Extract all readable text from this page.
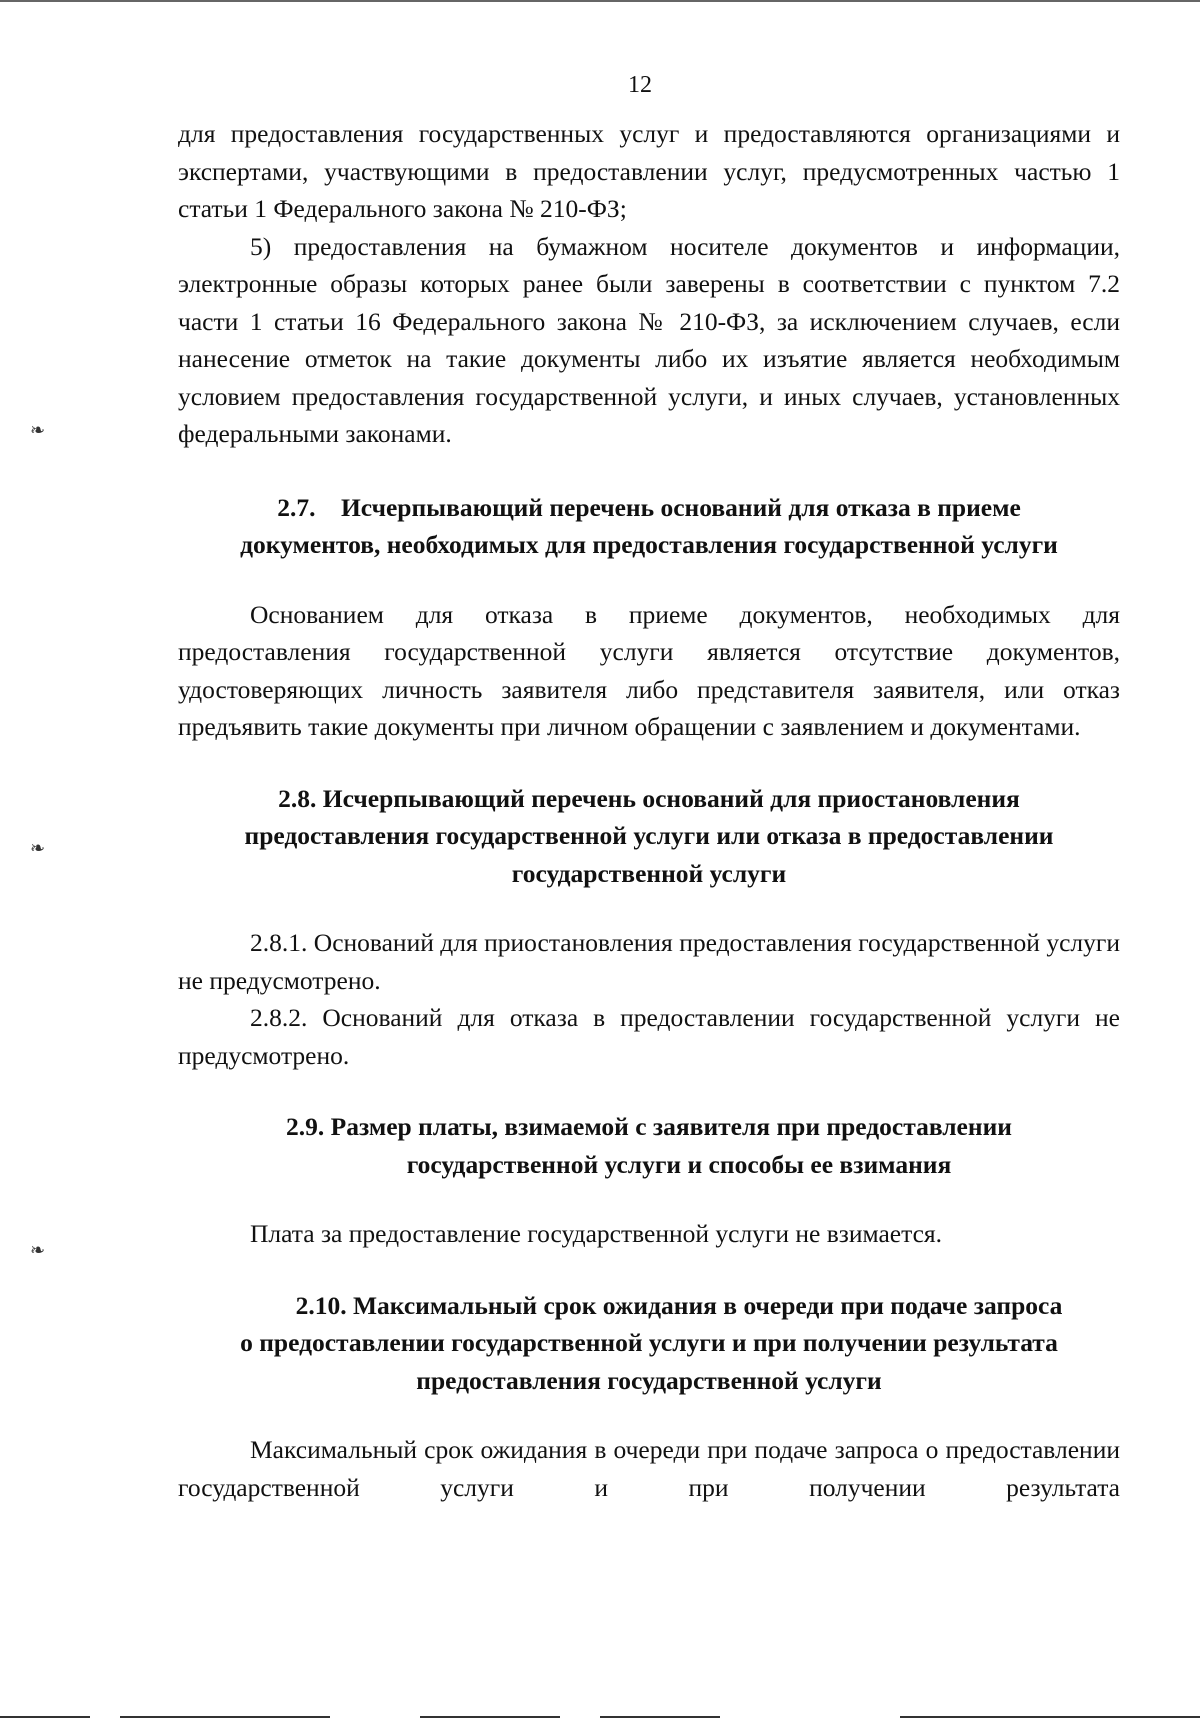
❧
❧
❧
12

для предоставления государственных услуг и предоставляются организациями и экспертами, участвующими в предоставлении услуг, предусмотренных частью 1 статьи 1 Федерального закона № 210-ФЗ;

5) предоставления на бумажном носителе документов и информации, электронные образы которых ранее были заверены в соответствии с пунктом 7.2 части 1 статьи 16 Федерального закона № 210-ФЗ, за исключением случаев, если нанесение отметок на такие документы либо их изъятие является необходимым условием предоставления государственной услуги, и иных случаев, установленных федеральными законами.

2.7.    Исчерпывающий перечень оснований для отказа в приеме
документов, необходимых для предоставления государственной услуги

Основанием для отказа в приеме документов, необходимых для предоставления государственной услуги является отсутствие документов, удостоверяющих личность заявителя либо представителя заявителя, или отказ предъявить такие документы при личном обращении с заявлением и документами.

2.8. Исчерпывающий перечень оснований для приостановления
предоставления государственной услуги или отказа в предоставлении
государственной услуги

2.8.1. Оснований для приостановления предоставления государственной услуги не предусмотрено.

2.8.2. Оснований для отказа в предоставлении государственной услуги не предусмотрено.

2.9. Размер платы, взимаемой с заявителя при предоставлении
государственной услуги и способы ее взимания

Плата за предоставление государственной услуги не взимается.

2.10. Максимальный срок ожидания в очереди при подаче запроса
о предоставлении государственной услуги и при получении результата
предоставления государственной услуги

Максимальный срок ожидания в очереди при подаче запроса о предоставлении государственной услуги и при получении результата
